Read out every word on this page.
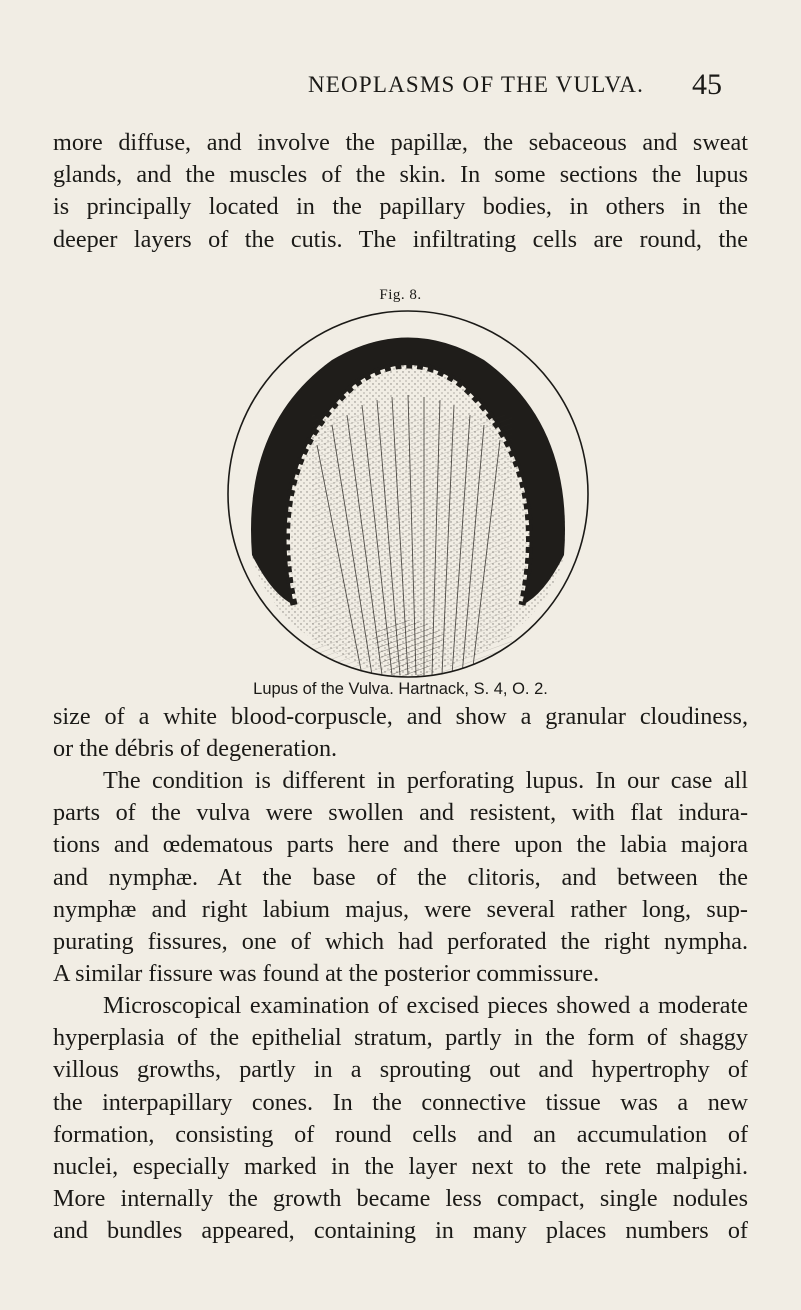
NEOPLASMS OF THE VULVA. 45
more diffuse, and involve the papillæ, the sebaceous and sweat
glands, and the muscles of the skin. In some sections the lupus
is principally located in the papillary bodies, in others in the
deeper layers of the cutis. The infiltrating cells are round, the
Fig. 8.
Lupus of the Vulva. Hartnack, S. 4, O. 2.
size of a white blood-corpuscle, and show a granular cloudiness,
or the débris of degeneration.
The condition is different in perforating lupus. In our case all
parts of the vulva were swollen and resistent, with flat indura-
tions and œdematous parts here and there upon the labia majora
and nymphæ. At the base of the clitoris, and between the
nymphæ and right labium majus, were several rather long, sup-
purating fissures, one of which had perforated the right nympha.
A similar fissure was found at the posterior commissure.
Microscopical examination of excised pieces showed a moderate
hyperplasia of the epithelial stratum, partly in the form of shaggy
villous growths, partly in a sprouting out and hypertrophy of
the interpapillary cones. In the connective tissue was a new
formation, consisting of round cells and an accumulation of
nuclei, especially marked in the layer next to the rete malpighi.
More internally the growth became less compact, single nodules
and bundles appeared, containing in many places numbers of
